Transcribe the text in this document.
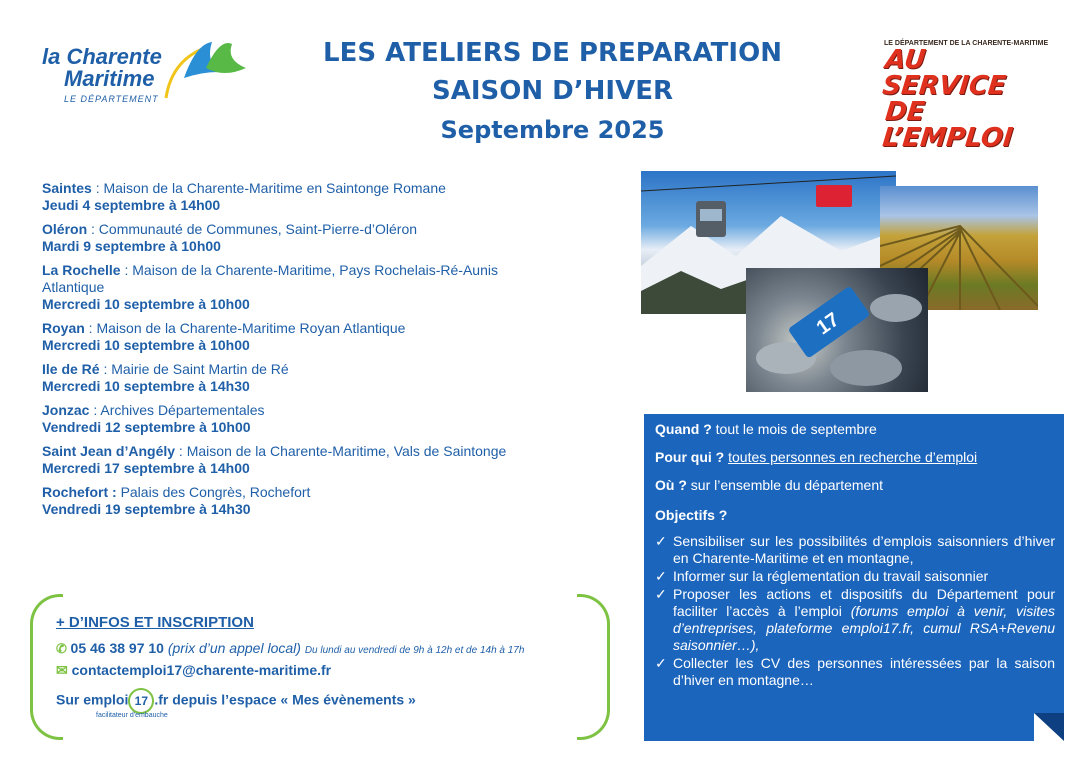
la Charente
Maritime
LE DÉPARTEMENT
LES ATELIERS DE PREPARATION
SAISON D’HIVER
Septembre 2025
LE DÉPARTEMENT DE LA CHARENTE-MARITIME
AU SERVICE
DE L’EMPLOI
Saintes : Maison de la Charente-Maritime en Saintonge Romane
Jeudi 4 septembre à 14h00
Oléron : Communauté de Communes, Saint-Pierre-d’Oléron
Mardi 9 septembre à 10h00
La Rochelle : Maison de la Charente-Maritime, Pays Rochelais-Ré-Aunis Atlantique
Mercredi 10 septembre à 10h00
Royan : Maison de la Charente-Maritime Royan Atlantique
Mercredi 10 septembre à 10h00
Ile de Ré : Mairie de Saint Martin de Ré
Mercredi 10 septembre à 14h30
Jonzac : Archives Départementales
Vendredi 12 septembre à 10h00
Saint Jean d’Angély : Maison de la Charente-Maritime, Vals de Saintonge
Mercredi 17 septembre à 14h00
Rochefort : Palais des Congrès, Rochefort
Vendredi 19 septembre à 14h30
17
Quand ? tout le mois de septembre
Pour qui ? toutes personnes en recherche d’emploi
Où ? sur l’ensemble du département
Objectifs ?
✓ Sensibiliser sur les possibilités d’emplois saisonniers d’hiver en Charente-Maritime et en montagne,
✓ Informer sur la réglementation du travail saisonnier
✓ Proposer les actions et dispositifs du Département pour faciliter l’accès à l’emploi (forums emploi à venir, visites d’entreprises, plateforme emploi17.fr, cumul RSA+Revenu saisonnier…),
✓ Collecter les CV des personnes intéressées par la saison d’hiver en montagne…
+ D’INFOS ET INSCRIPTION
✆ 05 46 38 97 10 (prix d’un appel local) Du lundi au vendredi de 9h à 12h et de 14h à 17h
✉ contactemploi17@charente-maritime.fr
Sur emploi 17 .fr depuis l’espace « Mes évènements »
facilitateur d'embauche
